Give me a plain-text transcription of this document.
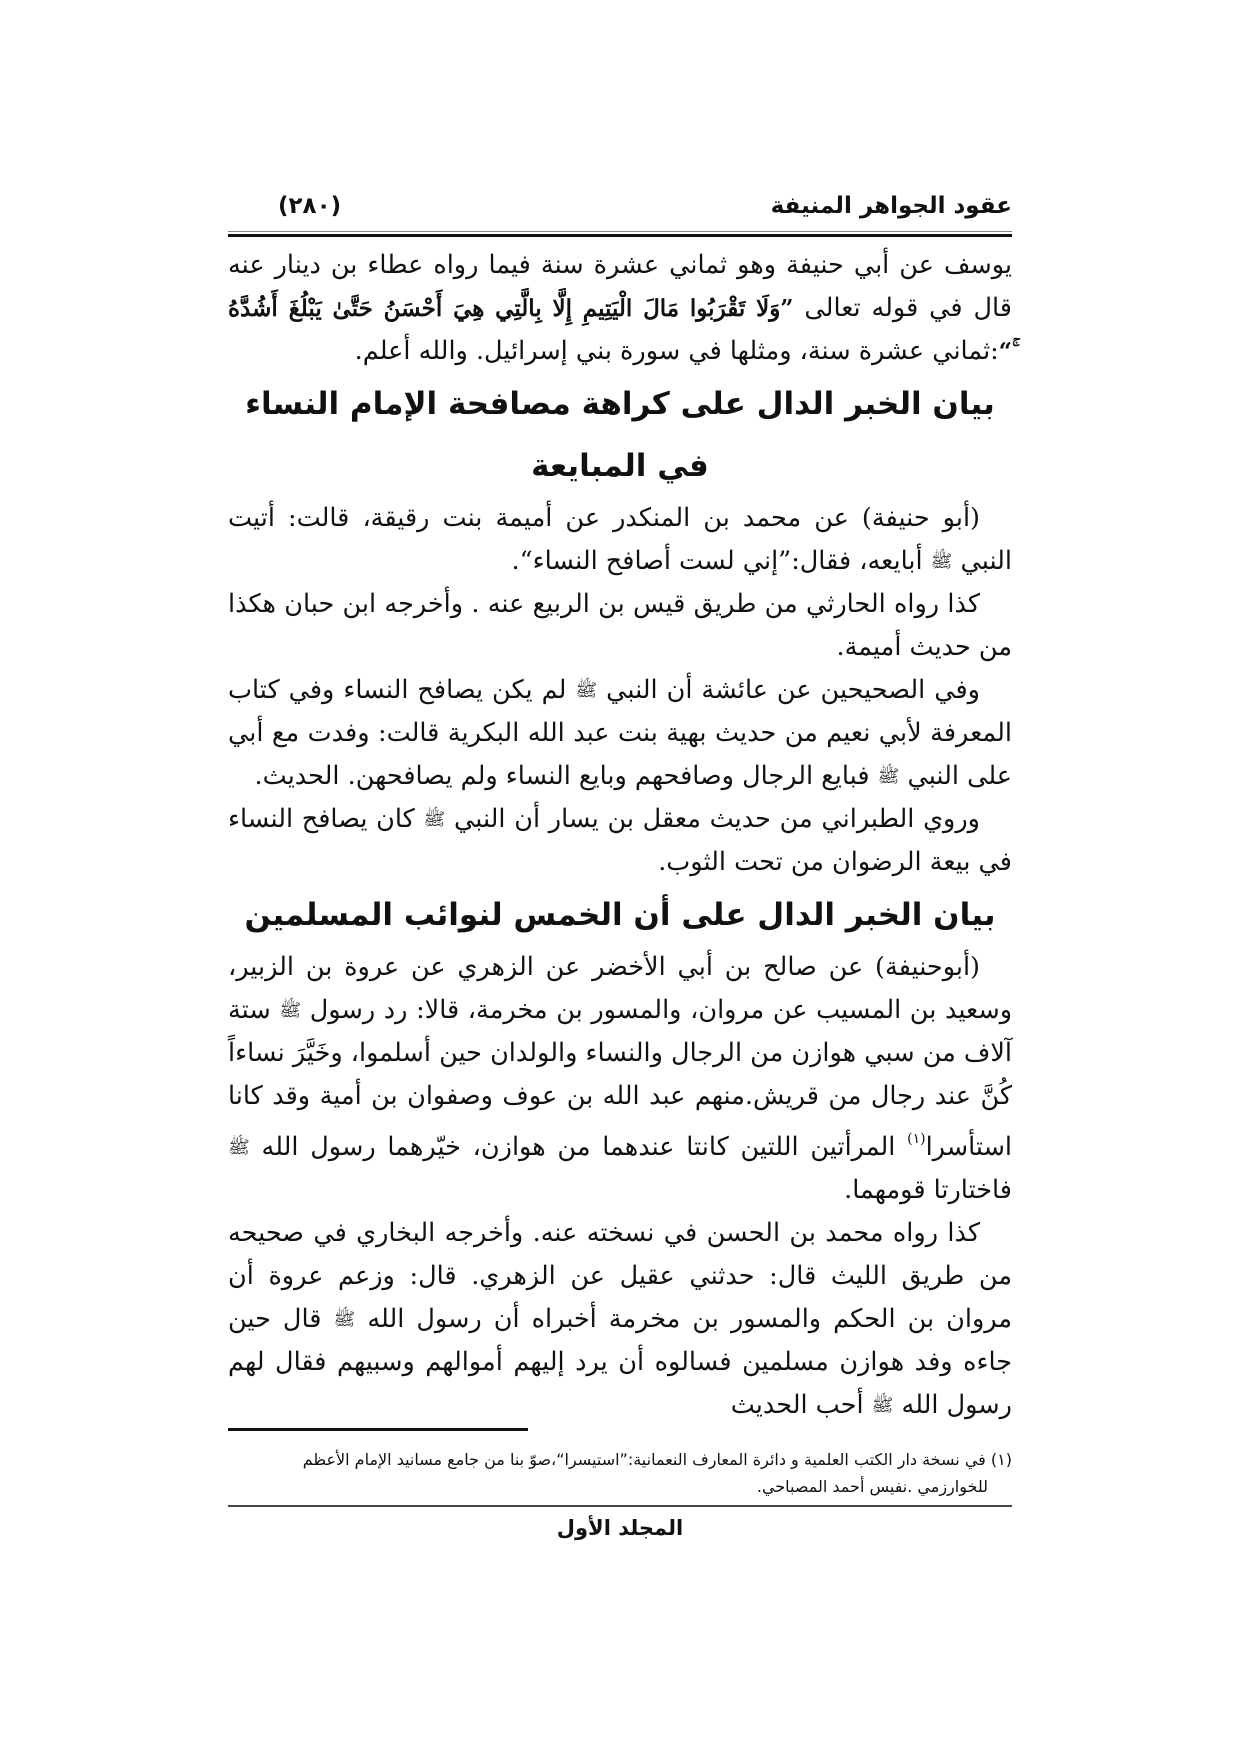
عقود الجواهر المنيفة
(٢٨٠)

يوسف عن أبي حنيفة وهو ثماني عشرة سنة فيما رواه عطاء بن دينار عنه قال في قوله تعالى ”وَلَا تَقْرَبُوا مَالَ الْيَتِيمِ إِلَّا بِالَّتِي هِيَ أَحْسَنُ حَتَّىٰ يَبْلُغَ أَشُدَّهُ ۚ“:ثماني عشرة سنة، ومثلها في سورة بني إسرائيل. والله أعلم.

بيان الخبر الدال على كراهة مصافحة الإمام النساء في المبايعة

(أبو حنيفة) عن محمد بن المنكدر عن أميمة بنت رقيقة، قالت: أتيت النبي ﷺ أبايعه، فقال:”إني لست أصافح النساء“.

كذا رواه الحارثي من طريق قيس بن الربيع عنه . وأخرجه ابن حبان هكذا من حديث أميمة.

وفي الصحيحين عن عائشة أن النبي ﷺ لم يكن يصافح النساء وفي كتاب المعرفة لأبي نعيم من حديث بهية بنت عبد الله البكرية قالت: وفدت مع أبي على النبي ﷺ فبايع الرجال وصافحهم وبايع النساء ولم يصافحهن. الحديث.

وروي الطبراني من حديث معقل بن يسار أن النبي ﷺ كان يصافح النساء في بيعة الرضوان من تحت الثوب.

بيان الخبر الدال على أن الخمس لنوائب المسلمين

(أبوحنيفة) عن صالح بن أبي الأخضر عن الزهري عن عروة بن الزبير، وسعيد بن المسيب عن مروان، والمسور بن مخرمة، قالا: رد رسول ﷺ ستة آلاف من سبي هوازن من الرجال والنساء والولدان حين أسلموا، وخَيَّرَ نساءاً كُنَّ عند رجال من قريش.منهم عبد الله بن عوف وصفوان بن أمية وقد كانا استأسرا$^{(١)}$ المرأتين اللتين كانتا عندهما من هوازن، خيّرهما رسول الله ﷺ فاختارتا قومهما.

كذا رواه محمد بن الحسن في نسخته عنه. وأخرجه البخاري في صحيحه من طريق الليث قال: حدثني عقيل عن الزهري. قال: وزعم عروة أن مروان بن الحكم والمسور بن مخرمة أخبراه أن رسول الله ﷺ قال حين جاءه وفد هوازن مسلمين فسالوه أن يرد إليهم أموالهم وسبيهم فقال لهم رسول الله ﷺ أحب الحديث

(١) في نسخة دار الكتب العلمية و دائرة المعارف النعمانية:”استيسرا“،صوّ بنا من جامع مسانيد الإمام الأعظم

للخوارزمي .نفيس أحمد المصباحي.

المجلد الأول
